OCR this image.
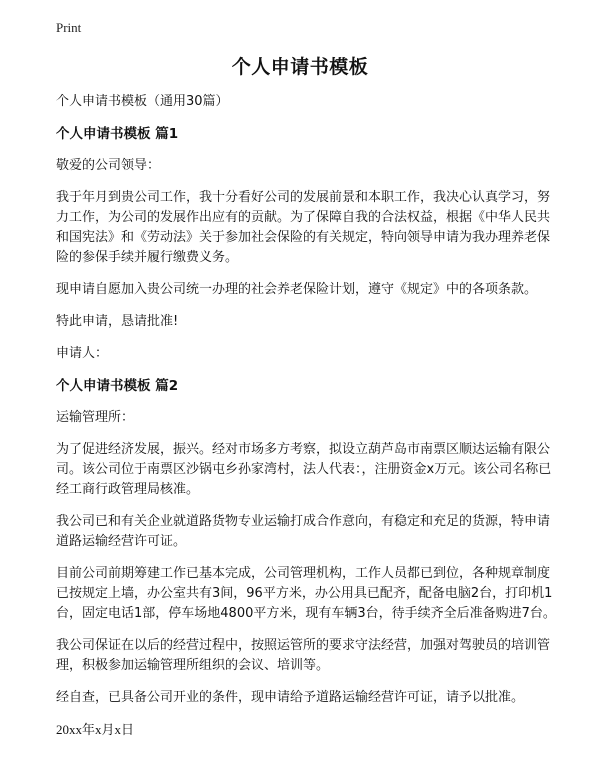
Print
个人申请书模板

个人申请书模板（通用30篇）

个人申请书模板 篇1

敬爱的公司领导：

我于年月到贵公司工作，我十分看好公司的发展前景和本职工作，我决心认真学习，努力工作，为公司的发展作出应有的贡献。为了保障自我的合法权益，根据《中华人民共和国宪法》和《劳动法》关于参加社会保险的有关规定，特向领导申请为我办理养老保险的参保手续并履行缴费义务。

现申请自愿加入贵公司统一办理的社会养老保险计划，遵守《规定》中的各项条款。

特此申请，恳请批准!

申请人：

个人申请书模板 篇2

运输管理所：

为了促进经济发展，振兴。经对市场多方考察，拟设立葫芦岛市南票区顺达运输有限公司。该公司位于南票区沙锅屯乡孙家湾村，法人代表：，注册资金x万元。该公司名称已经工商行政管理局核准。

我公司已和有关企业就道路货物专业运输打成合作意向，有稳定和充足的货源，特申请道路运输经营许可证。

目前公司前期筹建工作已基本完成，公司管理机构，工作人员都已到位，各种规章制度已按规定上墙，办公室共有3间，96平方米，办公用具已配齐，配备电脑2台，打印机1台，固定电话1部，停车场地4800平方米，现有车辆3台，待手续齐全后准备购进7台。

我公司保证在以后的经营过程中，按照运管所的要求守法经营，加强对驾驶员的培训管理，积极参加运输管理所组织的会议、培训等。

经自查，已具备公司开业的条件，现申请给予道路运输经营许可证，请予以批准。

20xx年x月x日
